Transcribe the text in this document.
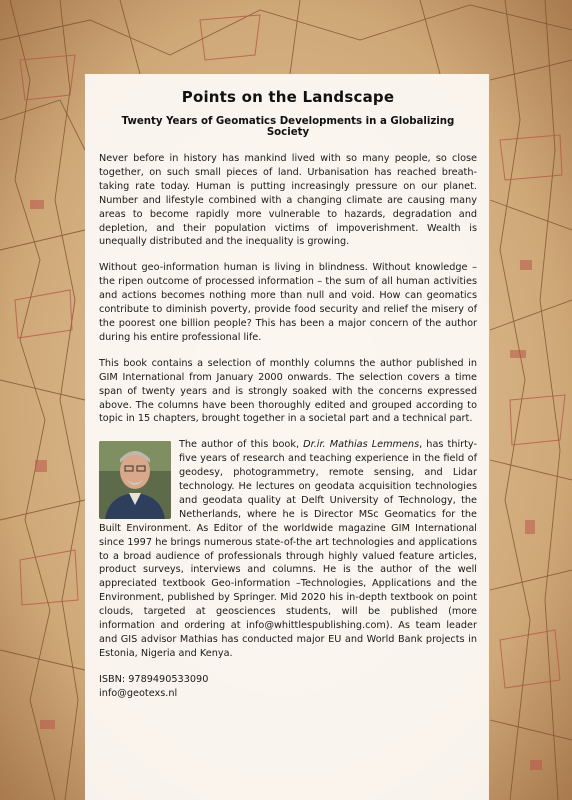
Points on the Landscape
Twenty Years of Geomatics Developments in a Globalizing Society

Never before in history has mankind lived with so many people, so close together, on such small pieces of land. Urbanisation has reached breath-taking rate today. Human is putting increasingly pressure on our planet. Number and lifestyle combined with a changing climate are causing many areas to become rapidly more vulnerable to hazards, degradation and depletion, and their population victims of impoverishment. Wealth is unequally distributed and the inequality is growing.

Without geo-information human is living in blindness. Without knowledge – the ripen outcome of processed information – the sum of all human activities and actions becomes nothing more than null and void. How can geomatics contribute to diminish poverty, provide food security and relief the misery of the poorest one billion people? This has been a major concern of the author during his entire professional life.

This book contains a selection of monthly columns the author published in GIM International from January 2000 onwards. The selection covers a time span of twenty years and is strongly soaked with the concerns expressed above. The columns have been thoroughly edited and grouped according to topic in 15 chapters, brought together in a societal part and a technical part.

The author of this book, Dr.ir. Mathias Lemmens, has thirty-five years of research and teaching experience in the field of geodesy, photogrammetry, remote sensing, and Lidar technology. He lectures on geodata acquisition technologies and geodata quality at Delft University of Technology, the Netherlands, where he is Director MSc Geomatics for the Built Environment. As Editor of the worldwide magazine GIM International since 1997 he brings numerous state-of-the art technologies and applications to a broad audience of professionals through highly valued feature articles, product surveys, interviews and columns. He is the author of the well appreciated textbook Geo-information –Technologies, Applications and the Environment, published by Springer. Mid 2020 his in-depth textbook on point clouds, targeted at geosciences students, will be published (more information and ordering at info@whittlespublishing.com). As team leader and GIS advisor Mathias has conducted major EU and World Bank projects in Estonia, Nigeria and Kenya.

ISBN: 9789490533090
info@geotexs.nl
